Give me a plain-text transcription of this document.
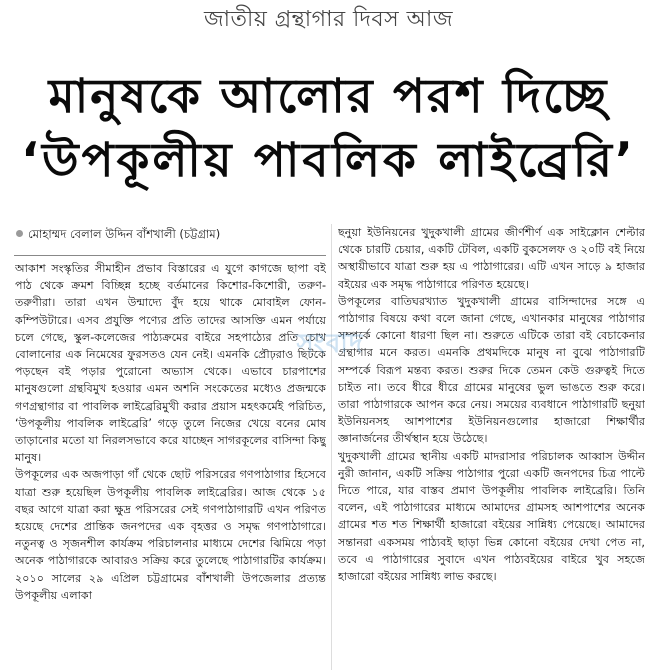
জাতীয় গ্রন্থাগার দিবস আজ
মানুষকে আলোর পরশ দিচ্ছে
‘উপকূলীয় পাবলিক লাইব্রেরি’
মোহাম্মদ বেলাল উদ্দিন বাঁশখালী (চট্টগ্রাম)

আকাশ সংস্কৃতির সীমাহীন প্রভাব বিস্তারের এ যুগে কাগজে ছাপা বই পাঠ থেকে ক্রমশ বিচ্ছিন্ন হচ্ছে বর্তমানের কিশোর-কিশোরী, তরুণ-তরুণীরা। তারা এখন উন্মাদ্যে বুঁদ হয়ে থাকে মোবাইল ফোন-কম্পিউটারে। এসব প্রযুক্তি পণ্যের প্রতি তাদের আসক্তি এমন পর্যায়ে চলে গেছে, স্কুল-কলেজের পাঠ্যক্রমের বাইরে সহপাঠ্যের প্রতি চোখ বোলানোর এক নিমেষের ফুরসতও যেন নেই। এমনকি প্রৌঢ়রাও ছিটকে পড়ছেন বই পড়ার পুরোনো অভ্যাস থেকে। এভাবে চারপাশের মানুষগুলো গ্রন্থবিমুখ হওয়ার এমন অশনি সংকেতের মধ্যেও প্রজন্মকে গণগ্রন্থাগার বা পাবলিক লাইব্রেরিমুখী করার প্রয়াস মহৎকর্মেই পরিচিত, ‘উপকূলীয় পাবলিক লাইব্রেরি’ গড়ে তুলে নিজের খেয়ে বনের মোষ তাড়ানোর মতো যা নিরলসভাবে করে যাচ্ছেন সাগরকূলের বাসিন্দা কিছু মানুষ।

উপকূলের এক অজপাড়া গাঁ থেকে ছোট পরিসরের গণপাঠাগার হিসেবে যাত্রা শুরু হয়েছিল উপকূলীয় পাবলিক লাইব্রেরির। আজ থেকে ১৫ বছর আগে যাত্রা করা ক্ষুদ্র পরিসরের সেই গণপাঠাগারটি এখন পরিণত হয়েছে দেশের প্রান্তিক জনপদের এক বৃহত্তর ও সমৃদ্ধ গণপাঠাগারে। নতুনত্ব ও সৃজনশীল কার্যক্রম পরিচালনার মাধ্যমে দেশের ঝিমিয়ে পড়া অনেক পাঠাগারকে আবারও সক্রিয় করে তুলেছে পাঠাগারটির কার্যক্রম। ২০১০ সালের ২৯ এপ্রিল চট্টগ্রামের বাঁশখালী উপজেলার প্রত্যন্ত উপকূলীয় এলাকা

ছনুয়া ইউনিয়নের খুদুকখালী গ্রামের জীর্ণশীর্ণ এক সাইক্লোন শেল্টার থেকে চারটি চেয়ার, একটি টেবিল, একটি বুকসেলফ ও ২০টি বই নিয়ে অস্থায়ীভাবে যাত্রা শুরু হয় এ পাঠাগারের। এটি এখন সাড়ে ৯ হাজার বইয়ের এক সমৃদ্ধ পাঠাগারে পরিণত হয়েছে।

উপকূলের বাতিঘরখ্যাত খুদুকখালী গ্রামের বাসিন্দাদের সঙ্গে এ পাঠাগার বিষয়ে কথা বলে জানা গেছে, এখানকার মানুষের পাঠাগার সম্পর্কে কোনো ধারণা ছিল না। শুরুতে এটিকে তারা বই বেচাকেনার গ্রন্থাগার মনে করত। এমনকি প্রথমদিকে মানুষ না বুঝে পাঠাগারটি সম্পর্কে বিরূপ মন্তব্য করত। শুরুর দিকে তেমন কেউ গুরুত্বই দিতে চাইত না। তবে ধীরে ধীরে গ্রামের মানুষের ভুল ভাঙতে শুরু করে। তারা পাঠাগারকে আপন করে নেয়। সময়ের ব্যবধানে পাঠাগারটি ছনুয়া ইউনিয়নসহ আশপাশের ইউনিয়নগুলোর হাজারো শিক্ষার্থীর জ্ঞানার্জনের তীর্থস্থান হয়ে উঠেছে।

খুদুকখালী গ্রামের স্থানীয় একটি মাদরাসার পরিচালক আব্বাস উদ্দীন নুরী জানান, একটি সক্রিয় পাঠাগার পুরো একটি জনপদের চিত্র পাল্টে দিতে পারে, যার বাস্তব প্রমাণ উপকূলীয় পাবলিক লাইব্রেরি। তিনি বলেন, এই পাঠাগারের মাধ্যমে আমাদের গ্রামসহ আশপাশের অনেক গ্রামের শত শত শিক্ষার্থী হাজারো বইয়ের সান্নিধ্য পেয়েছে। আমাদের সন্তানরা একসময় পাঠ্যবই ছাড়া ভিন্ন কোনো বইয়ের দেখা পেত না, তবে এ পাঠাগারের সুবাদে এখন পাঠ্যবইয়ের বাইরে খুব সহজে হাজারো বইয়ের সান্নিধ্য লাভ করছে।

সংবাদ
